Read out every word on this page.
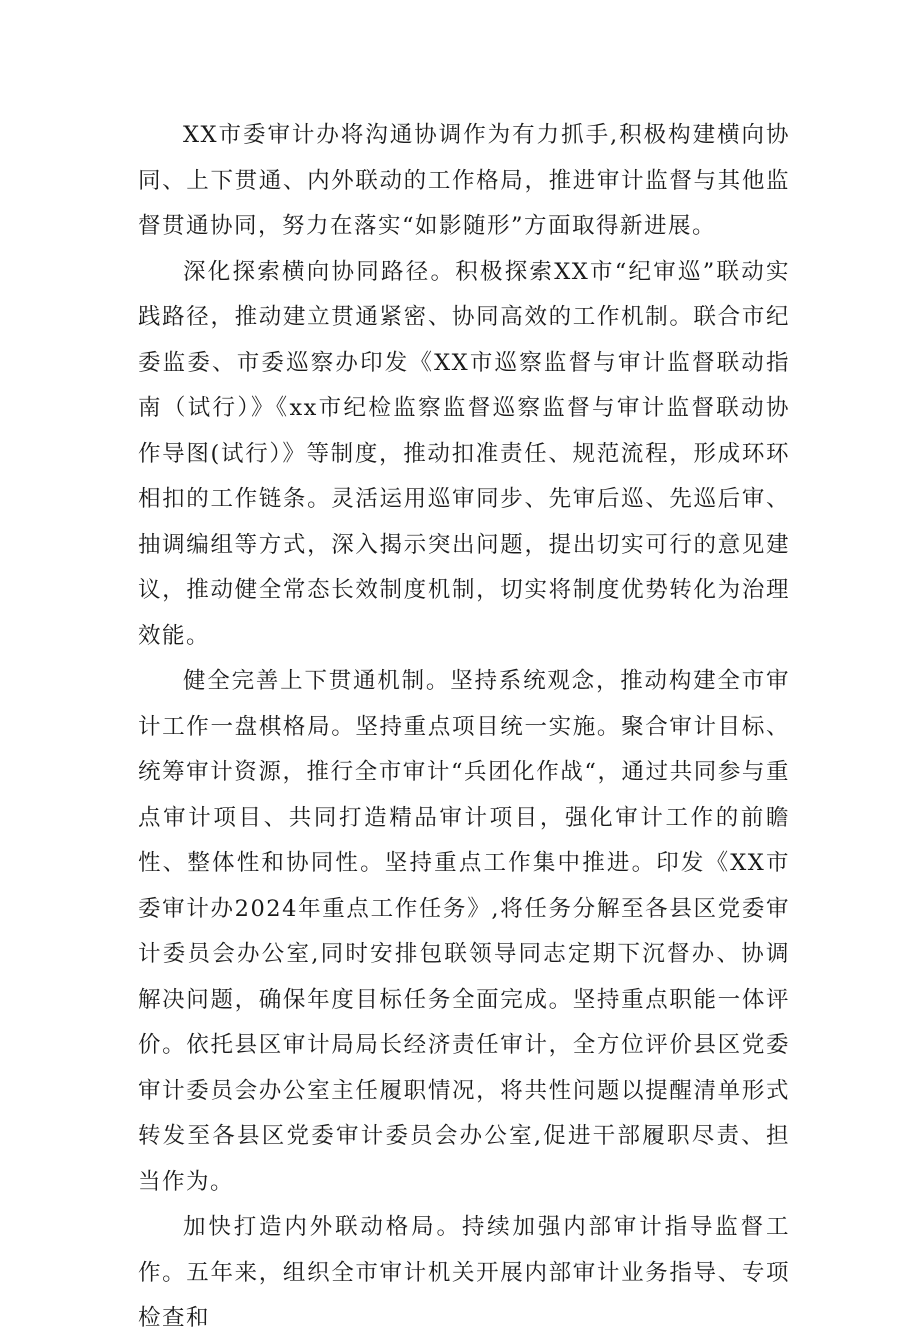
XX市委审计办将沟通协调作为有力抓手,积极构建横向协同、上下贯通、内外联动的工作格局，推进审计监督与其他监督贯通协同，努力在落实“如影随形”方面取得新进展。

深化探索横向协同路径。积极探索XX市“纪审巡”联动实践路径，推动建立贯通紧密、协同高效的工作机制。联合市纪委监委、市委巡察办印发《XX市巡察监督与审计监督联动指南（试行）》《xx市纪检监察监督巡察监督与审计监督联动协作导图(试行）》等制度，推动扣准责任、规范流程，形成环环相扣的工作链条。灵活运用巡审同步、先审后巡、先巡后审、抽调编组等方式，深入揭示突出问题，提出切实可行的意见建议，推动健全常态长效制度机制，切实将制度优势转化为治理效能。

健全完善上下贯通机制。坚持系统观念，推动构建全市审计工作一盘棋格局。坚持重点项目统一实施。聚合审计目标、统筹审计资源，推行全市审计“兵团化作战“，通过共同参与重点审计项目、共同打造精品审计项目，强化审计工作的前瞻性、整体性和协同性。坚持重点工作集中推进。印发《XX市委审计办2024年重点工作任务》,将任务分解至各县区党委审计委员会办公室,同时安排包联领导同志定期下沉督办、协调解决问题，确保年度目标任务全面完成。坚持重点职能一体评价。依托县区审计局局长经济责任审计，全方位评价县区党委审计委员会办公室主任履职情况，将共性问题以提醒清单形式转发至各县区党委审计委员会办公室,促进干部履职尽责、担当作为。

加快打造内外联动格局。持续加强内部审计指导监督工作。五年来，组织全市审计机关开展内部审计业务指导、专项检查和
